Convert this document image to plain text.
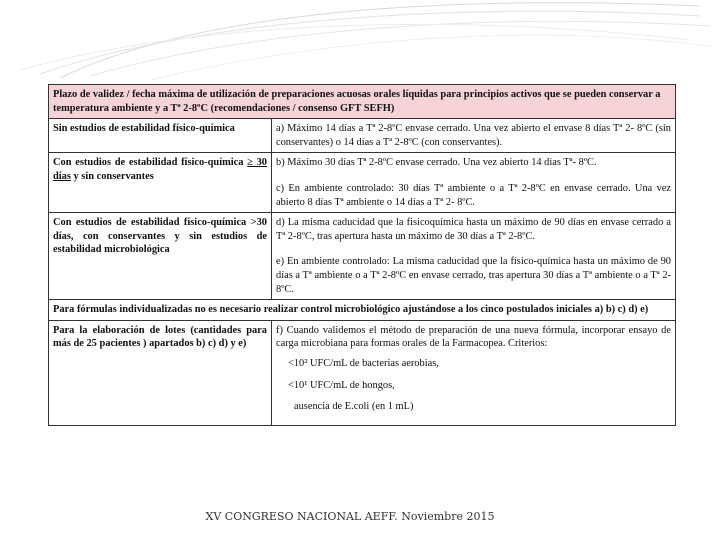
Plazo de validez / fecha máxima de utilización de preparaciones acuosas orales líquidas para principios activos que se pueden conservar a temperatura ambiente y a Tª 2-8ºC (recomendaciones / consenso GFT SEFH)	
Sin estudios de estabilidad físico-química	a) Máximo 14 días a Tª 2-8ºC envase cerrado. Una vez abierto el envase 8 días Tª 2- 8ºC (sin conservantes) o 14 días a Tª 2-8ºC (con conservantes).

Con estudios de estabilidad físico-química ≥ 30 días y sin conservantes	b) Máximo 30 días Tª 2-8ºC envase cerrado. Una vez abierto 14 días Tª- 8ºC.

c) En ambiente controlado: 30 días Tª ambiente o a Tª 2-8ºC en envase cerrado. Una vez abierto 8 días Tª ambiente o 14 días a Tª 2- 8ºC.

Con estudios de estabilidad físico-química >30 días, con conservantes y sin estudios de estabilidad microbiológica	d) La misma caducidad que la fisicoquímica hasta un máximo de 90 días en envase cerrado a Tª 2-8ºC, tras apertura hasta un máximo de 30 días a Tª 2-8ºC.

e) En ambiente controlado: La misma caducidad que la físico-química hasta un máximo de 90 días a Tª ambiente o a Tª 2-8ºC en envase cerrado, tras apertura 30 días a Tª ambiente o a Tª 2-8ºC.

Para fórmulas individualizadas no es necesario realizar control microbiológico ajustándose a los cinco postulados iniciales a) b) c) d) e)	
Para la elaboración de lotes (cantidades para más de 25 pacientes ) apartados b) c) d) y e)	f) Cuando validemos el método de preparación de una nueva fórmula, incorporar ensayo de carga microbiana para formas orales de la Farmacopea. Criterios:

<10² UFC/mL de bacterias aerobias,
<10¹ UFC/mL de hongos,
ausencia de E.coli (en 1 mL)
XV CONGRESO NACIONAL AEFF. Noviembre 2015
